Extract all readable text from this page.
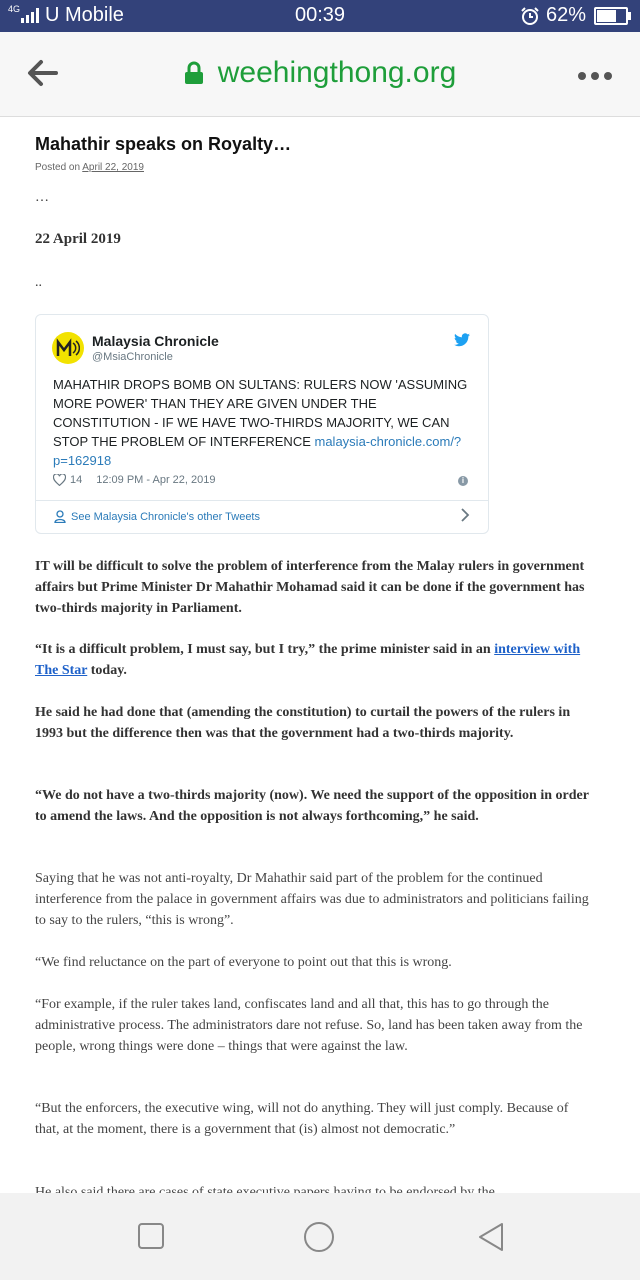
4G U Mobile	00:39	62%
weehingthong.org
Mahathir speaks on Royalty…
Posted on April 22, 2019
…
22 April 2019
..
Malaysia Chronicle
@MsiaChronicle
MAHATHIR DROPS BOMB ON SULTANS: RULERS NOW 'ASSUMING MORE POWER' THAN THEY ARE GIVEN UNDER THE CONSTITUTION - IF WE HAVE TWO-THIRDS MAJORITY, WE CAN STOP THE PROBLEM OF INTERFERENCE malaysia-chronicle.com/?p=162918
14 12:09 PM - Apr 22, 2019	i
See Malaysia Chronicle's other Tweets

IT will be difficult to solve the problem of interference from the Malay rulers in government affairs but Prime Minister Dr Mahathir Mohamad said it can be done if the government has two-thirds majority in Parliament.

“It is a difficult problem, I must say, but I try,” the prime minister said in an interview with The Star today.

He said he had done that (amending the constitution) to curtail the powers of the rulers in 1993 but the difference then was that the government had a two-thirds majority.

“We do not have a two-thirds majority (now). We need the support of the opposition in order to amend the laws. And the opposition is not always forthcoming,” he said.

Saying that he was not anti-royalty, Dr Mahathir said part of the problem for the continued interference from the palace in government affairs was due to administrators and politicians failing to say to the rulers, “this is wrong”.

“We find reluctance on the part of everyone to point out that this is wrong.

“For example, if the ruler takes land, confiscates land and all that, this has to go through the administrative process. The administrators dare not refuse. So, land has been taken away from the people, wrong things were done – things that were against the law.

“But the enforcers, the executive wing, will not do anything. They will just comply. Because of that, at the moment, there is a government that (is) almost not democratic.”
